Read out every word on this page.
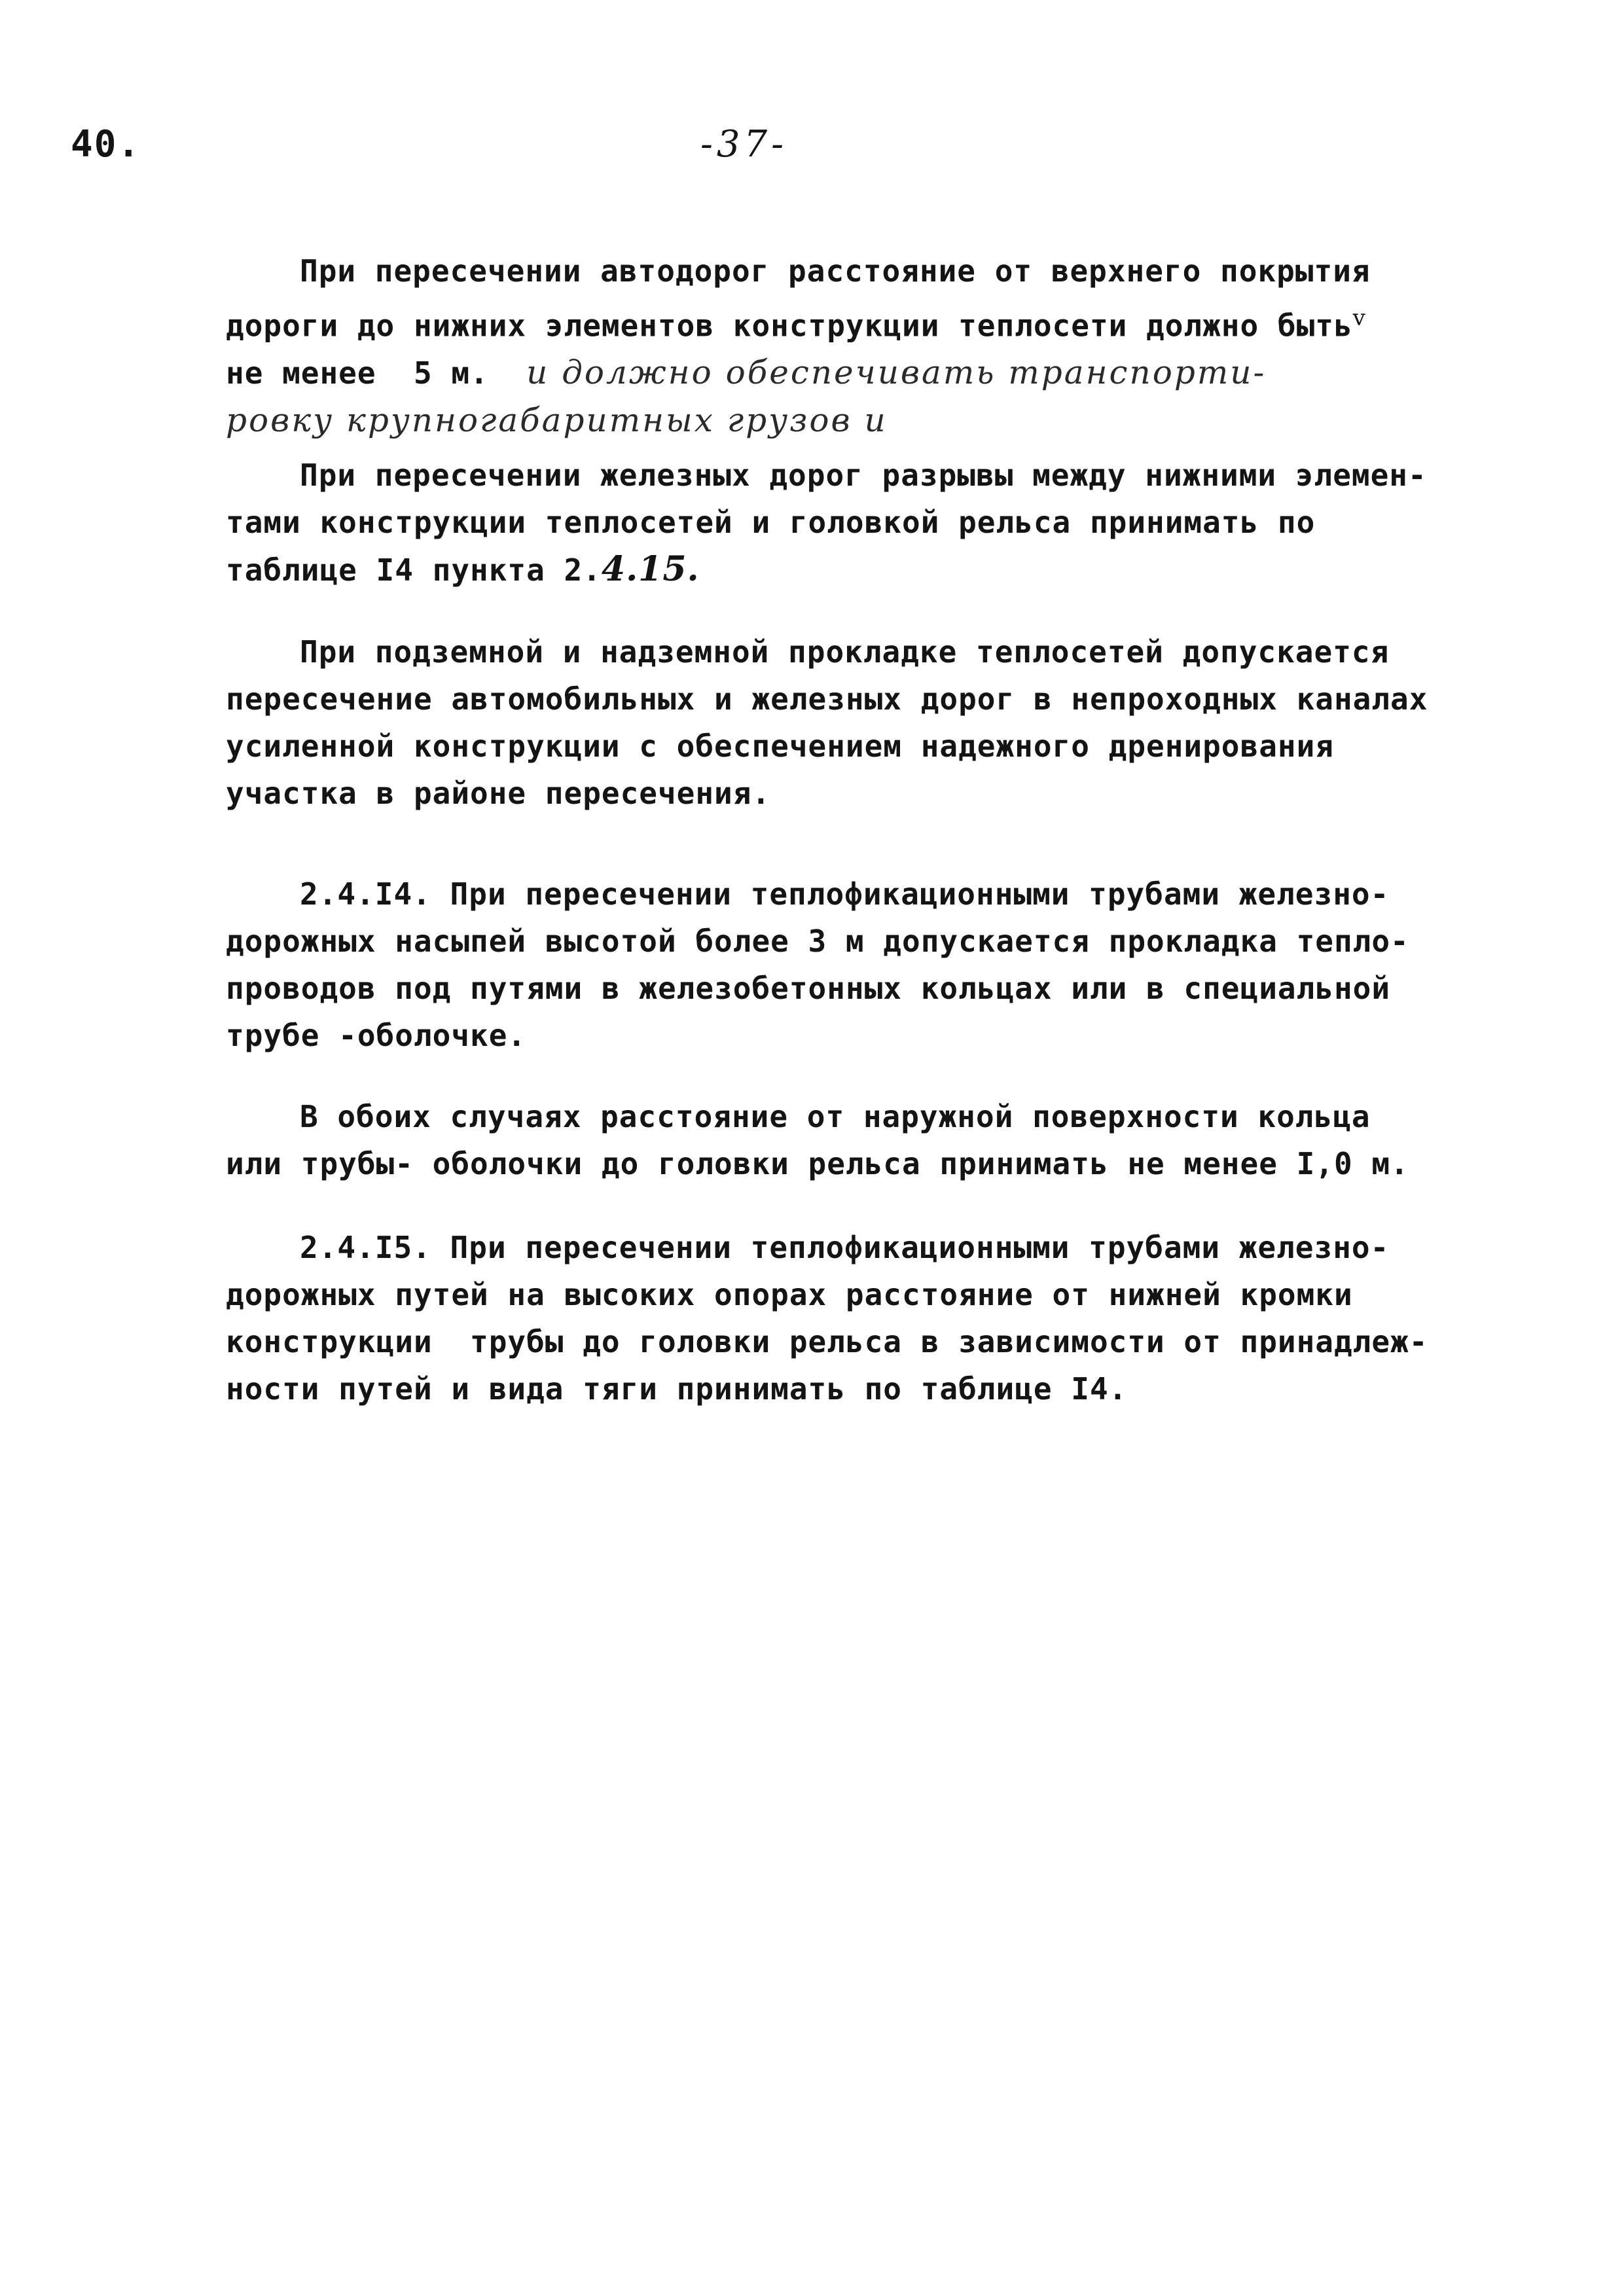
40.	-37-
При пересечении автодорог расстояние от верхнего покрытия
дороги до нижних элементов конструкции теплосети должно быть$^v$
не менее  5 м. и должно обеспечивать транспорти-
ровку крупногабаритных грузов и
При пересечении железных дорог разрывы между нижними элемен-
тами конструкции теплосетей и головкой рельса принимать по
таблице I4 пункта 2.4.15.
При подземной и надземной прокладке теплосетей допускается
пересечение автомобильных и железных дорог в непроходных каналах
усиленной конструкции с обеспечением надежного дренирования
участка в районе пересечения.
2.4.I4. При пересечении теплофикационными трубами железно-
дорожных насыпей высотой более 3 м допускается прокладка тепло-
проводов под путями в железобетонных кольцах или в специальной
трубе -оболочке.
В обоих случаях расстояние от наружной поверхности кольца
или трубы- оболочки до головки рельса принимать не менее I,0 м.
2.4.I5. При пересечении теплофикационными трубами железно-
дорожных путей на высоких опорах расстояние от нижней кромки
конструкции  трубы до головки рельса в зависимости от принадлеж-
ности путей и вида тяги принимать по таблице I4.
